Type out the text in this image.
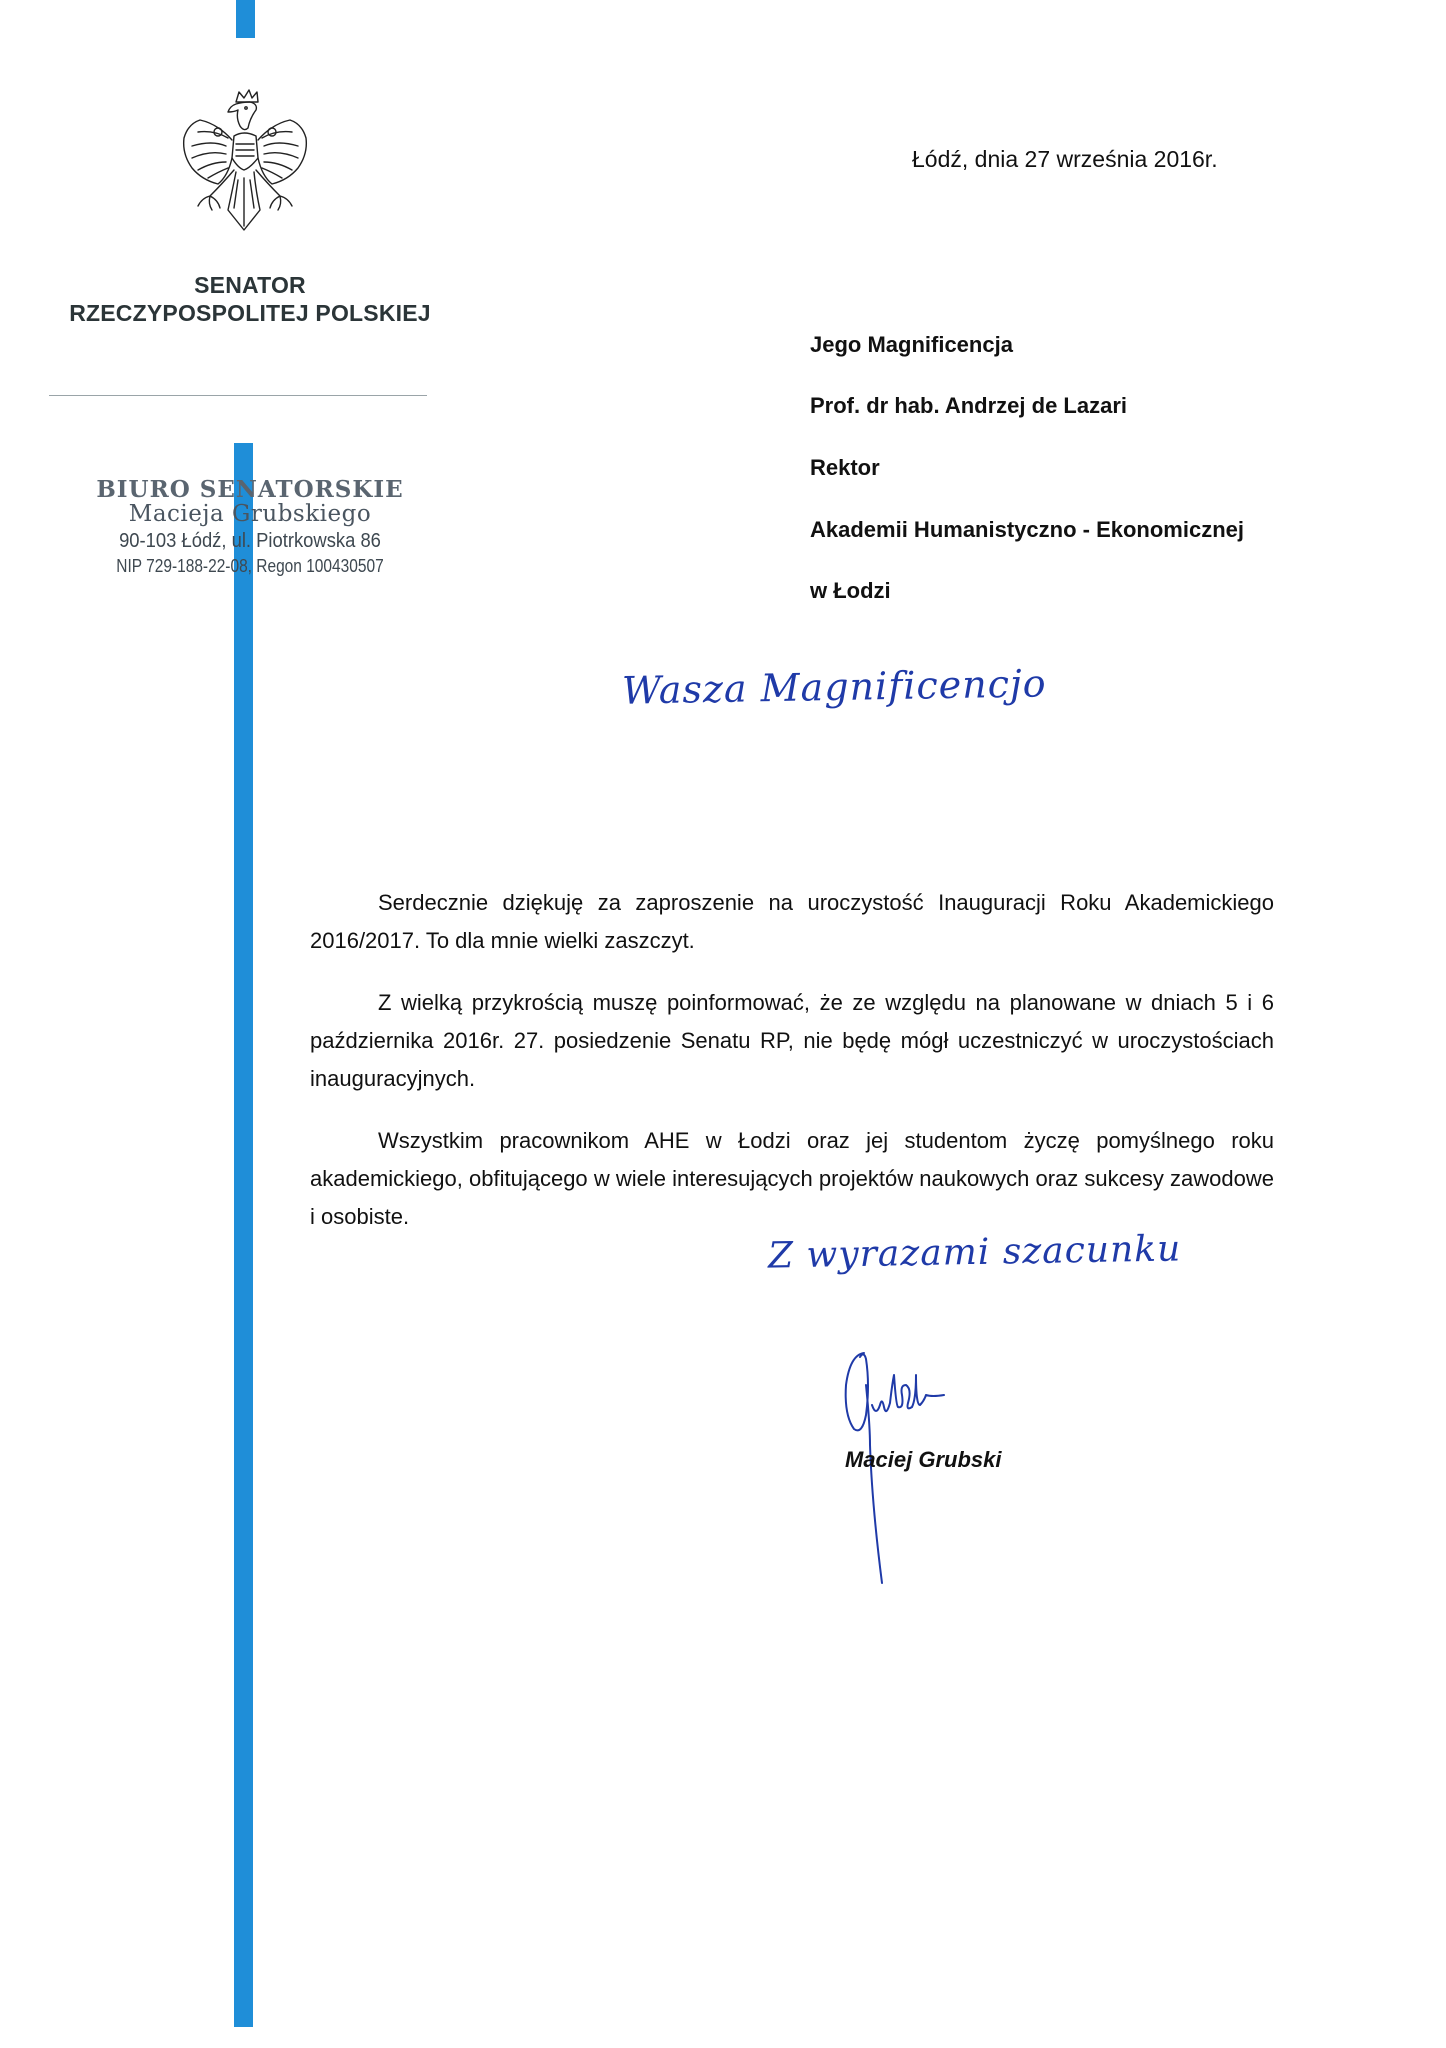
SENATOR
RZECZYPOSPOLITEJ POLSKIEJ
BIURO SENATORSKIE
Macieja Grubskiego
90-103 Łódź, ul. Piotrkowska 86
NIP 729-188-22-08, Regon 100430507
Łódź, dnia 27 września 2016r.
Jego Magnificencja
Prof. dr hab. Andrzej de Lazari
Rektor
Akademii Humanistyczno - Ekonomicznej
w Łodzi
Wasza Magnificencjo

Serdecznie dziękuję za zaproszenie na uroczystość Inauguracji Roku Akademickiego 2016/2017. To dla mnie wielki zaszczyt.

Z wielką przykrością muszę poinformować, że ze względu na planowane w dniach 5 i 6 października 2016r. 27. posiedzenie Senatu RP, nie będę mógł uczestniczyć w uroczystościach inauguracyjnych.

Wszystkim pracownikom AHE w Łodzi oraz jej studentom życzę pomyślnego roku akademickiego, obfitującego w wiele interesujących projektów naukowych oraz sukcesy zawodowe i osobiste.

Z wyrazami szacunku
Maciej Grubski
